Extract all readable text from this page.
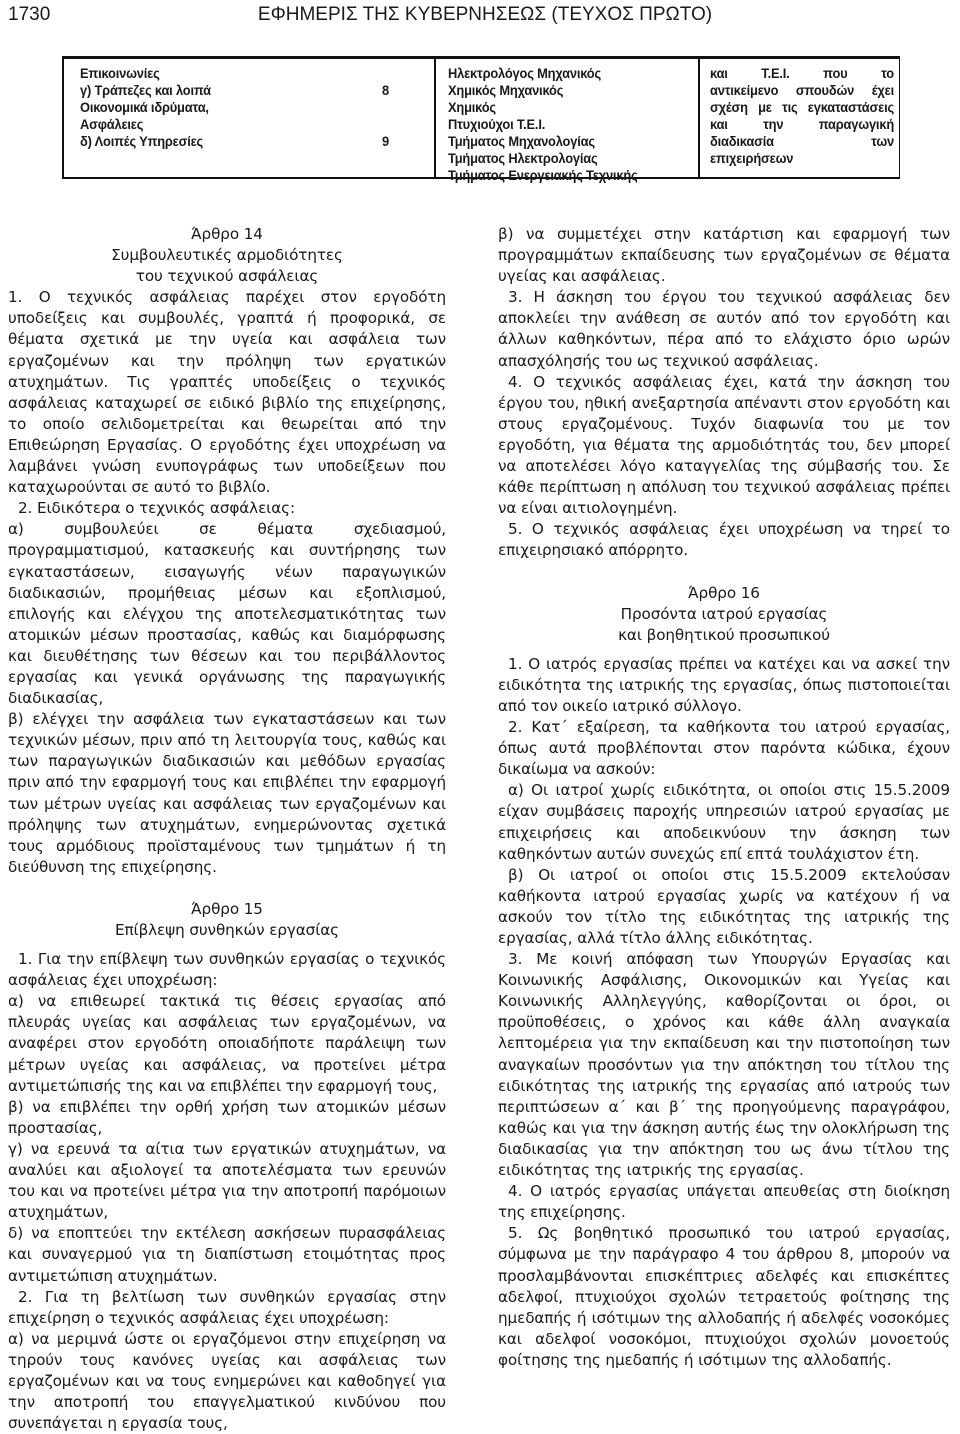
1730	ΕΦΗΜΕΡΙΣ ΤΗΣ ΚΥΒΕΡΝΗΣΕΩΣ (ΤΕΥΧΟΣ ΠΡΩΤΟ)
Επικοινωνίες
γ) Τράπεζες και λοιπά
Οικονομικά ιδρύματα,
Ασφάλειες
δ) Λοιπές Υπηρεσίες

8

9
Ηλεκτρολόγος Μηχανικός
Χημικός Μηχανικός
Χημικός
Πτυχιούχοι Τ.Ε.Ι.
Τμήματος Μηχανολογίας
Τμήματος Ηλεκτρολογίας
Τμήματος Ενεργειακής Τεχνικής
και Τ.Ε.Ι. που το
αντικείμενο σπουδών έχει
σχέση με τις εγκαταστάσεις
και την παραγωγική
διαδικασία των
επιχειρήσεων
Άρθρο 14
Συμβουλευτικές αρμοδιότητες
του τεχνικού ασφάλειας

1. Ο τεχνικός ασφάλειας παρέχει στον εργοδότη υποδείξεις και συμβουλές, γραπτά ή προφορικά, σε θέματα σχετικά με την υγεία και ασφάλεια των εργαζομένων και την πρόληψη των εργατικών ατυχημάτων. Τις γραπτές υποδείξεις ο τεχνικός ασφάλειας καταχωρεί σε ειδικό βιβλίο της επιχείρησης, το οποίο σελιδομετρείται και θεωρείται από την Επιθεώρηση Εργασίας. Ο εργοδότης έχει υποχρέωση να λαμβάνει γνώση ενυπογράφως των υποδείξεων που καταχωρούνται σε αυτό το βιβλίο.

2. Ειδικότερα ο τεχνικός ασφάλειας:

α) συμβουλεύει σε θέματα σχεδιασμού, προγραμματισμού, κατασκευής και συντήρησης των εγκαταστάσεων, εισαγωγής νέων παραγωγικών διαδικασιών, προμήθειας μέσων και εξοπλισμού, επιλογής και ελέγχου της αποτελεσματικότητας των ατομικών μέσων προστασίας, καθώς και διαμόρφωσης και διευθέτησης των θέσεων και του περιβάλλοντος εργασίας και γενικά οργάνωσης της παραγωγικής διαδικασίας,

β) ελέγχει την ασφάλεια των εγκαταστάσεων και των τεχνικών μέσων, πριν από τη λειτουργία τους, καθώς και των παραγωγικών διαδικασιών και μεθόδων εργασίας πριν από την εφαρμογή τους και επιβλέπει την εφαρμογή των μέτρων υγείας και ασφάλειας των εργαζομένων και πρόληψης των ατυχημάτων, ενημερώνοντας σχετικά τους αρμόδιους προϊσταμένους των τμημάτων ή τη διεύθυνση της επιχείρησης.

Άρθρο 15
Επίβλεψη συνθηκών εργασίας

1. Για την επίβλεψη των συνθηκών εργασίας ο τεχνικός ασφάλειας έχει υποχρέωση:

α) να επιθεωρεί τακτικά τις θέσεις εργασίας από πλευράς υγείας και ασφάλειας των εργαζομένων, να αναφέρει στον εργοδότη οποιαδήποτε παράλειψη των μέτρων υγείας και ασφάλειας, να προτείνει μέτρα αντιμετώπισής της και να επιβλέπει την εφαρμογή τους,

β) να επιβλέπει την ορθή χρήση των ατομικών μέσων προστασίας,

γ) να ερευνά τα αίτια των εργατικών ατυχημάτων, να αναλύει και αξιολογεί τα αποτελέσματα των ερευνών του και να προτείνει μέτρα για την αποτροπή παρόμοιων ατυχημάτων,

δ) να εποπτεύει την εκτέλεση ασκήσεων πυρασφάλειας και συναγερμού για τη διαπίστωση ετοιμότητας προς αντιμετώπιση ατυχημάτων.

2. Για τη βελτίωση των συνθηκών εργασίας στην επιχείρηση ο τεχνικός ασφάλειας έχει υποχρέωση:

α) να μεριμνά ώστε οι εργαζόμενοι στην επιχείρηση να τηρούν τους κανόνες υγείας και ασφάλειας των εργαζομένων και να τους ενημερώνει και καθοδηγεί για την αποτροπή του επαγγελματικού κινδύνου που συνεπάγεται η εργασία τους,

β) να συμμετέχει στην κατάρτιση και εφαρμογή των προγραμμάτων εκπαίδευσης των εργαζομένων σε θέματα υγείας και ασφάλειας.

3. Η άσκηση του έργου του τεχνικού ασφάλειας δεν αποκλείει την ανάθεση σε αυτόν από τον εργοδότη και άλλων καθηκόντων, πέρα από το ελάχιστο όριο ωρών απασχόλησής του ως τεχνικού ασφάλειας.

4. Ο τεχνικός ασφάλειας έχει, κατά την άσκηση του έργου του, ηθική ανεξαρτησία απέναντι στον εργοδότη και στους εργαζομένους. Τυχόν διαφωνία του με τον εργοδότη, για θέματα της αρμοδιότητάς του, δεν μπορεί να αποτελέσει λόγο καταγγελίας της σύμβασής του. Σε κάθε περίπτωση η απόλυση του τεχνικού ασφάλειας πρέπει να είναι αιτιολογημένη.

5. Ο τεχνικός ασφάλειας έχει υποχρέωση να τηρεί το επιχειρησιακό απόρρητο.

Άρθρο 16
Προσόντα ιατρού εργασίας
και βοηθητικού προσωπικού

1. Ο ιατρός εργασίας πρέπει να κατέχει και να ασκεί την ειδικότητα της ιατρικής της εργασίας, όπως πιστοποιείται από τον οικείο ιατρικό σύλλογο.

2. Κατ΄ εξαίρεση, τα καθήκοντα του ιατρού εργασίας, όπως αυτά προβλέπονται στον παρόντα κώδικα, έχουν δικαίωμα να ασκούν:

α) Οι ιατροί χωρίς ειδικότητα, οι οποίοι στις 15.5.2009 είχαν συμβάσεις παροχής υπηρεσιών ιατρού εργασίας με επιχειρήσεις και αποδεικνύουν την άσκηση των καθηκόντων αυτών συνεχώς επί επτά τουλάχιστον έτη.

β) Οι ιατροί οι οποίοι στις 15.5.2009 εκτελούσαν καθήκοντα ιατρού εργασίας χωρίς να κατέχουν ή να ασκούν τον τίτλο της ειδικότητας της ιατρικής της εργασίας, αλλά τίτλο άλλης ειδικότητας.

3. Με κοινή απόφαση των Υπουργών Εργασίας και Κοινωνικής Ασφάλισης, Οικονομικών και Υγείας και Κοινωνικής Αλληλεγγύης, καθορίζονται οι όροι, οι προϋποθέσεις, ο χρόνος και κάθε άλλη αναγκαία λεπτομέρεια για την εκπαίδευση και την πιστοποίηση των αναγκαίων προσόντων για την απόκτηση του τίτλου της ειδικότητας της ιατρικής της εργασίας από ιατρούς των περιπτώσεων α΄ και β΄ της προηγούμενης παραγράφου, καθώς και για την άσκηση αυτής έως την ολοκλήρωση της διαδικασίας για την απόκτηση του ως άνω τίτλου της ειδικότητας της ιατρικής της εργασίας.

4. Ο ιατρός εργασίας υπάγεται απευθείας στη διοίκηση της επιχείρησης.

5. Ως βοηθητικό προσωπικό του ιατρού εργασίας, σύμφωνα με την παράγραφο 4 του άρθρου 8, μπορούν να προσλαμβάνονται επισκέπτριες αδελφές και επισκέπτες αδελφοί, πτυχιούχοι σχολών τετραετούς φοίτησης της ημεδαπής ή ισότιμων της αλλοδαπής ή αδελφές νοσοκόμες και αδελφοί νοσοκόμοι, πτυχιούχοι σχολών μονοετούς φοίτησης της ημεδαπής ή ισότιμων της αλλοδαπής.
